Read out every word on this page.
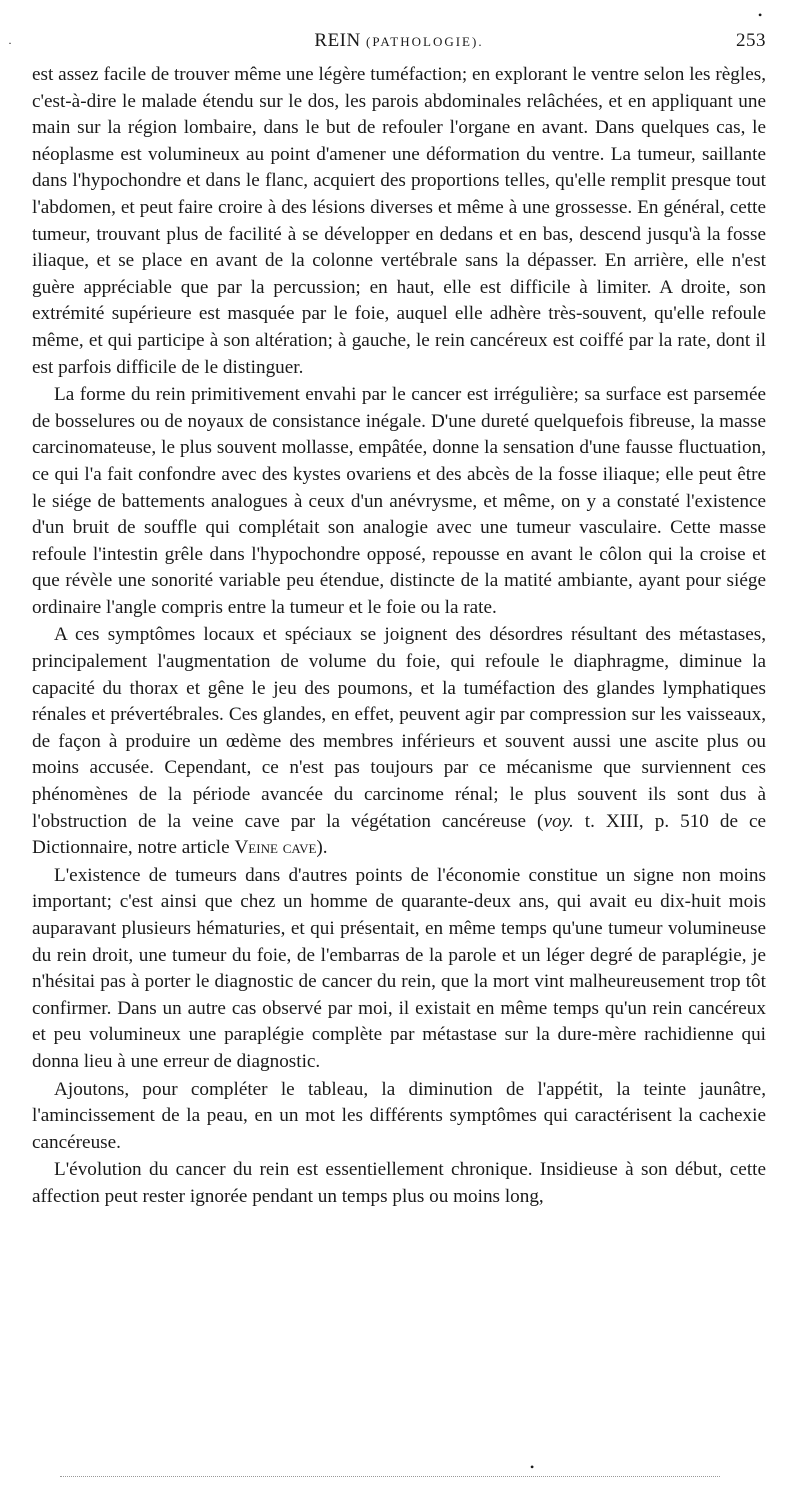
•
·	REIN (PATHOLOGIE).	253

est assez facile de trouver même une légère tuméfaction; en explorant le ventre selon les règles, c'est-à-dire le malade étendu sur le dos, les parois abdominales relâchées, et en appliquant une main sur la région lombaire, dans le but de refouler l'organe en avant. Dans quelques cas, le néoplasme est volumineux au point d'amener une déformation du ventre. La tumeur, saillante dans l'hypochondre et dans le flanc, acquiert des proportions telles, qu'elle remplit presque tout l'abdomen, et peut faire croire à des lésions diverses et même à une grossesse. En général, cette tumeur, trouvant plus de facilité à se développer en dedans et en bas, descend jusqu'à la fosse iliaque, et se place en avant de la colonne vertébrale sans la dépasser. En arrière, elle n'est guère appréciable que par la percussion; en haut, elle est difficile à limiter. A droite, son extrémité supérieure est masquée par le foie, auquel elle adhère très-souvent, qu'elle refoule même, et qui participe à son altération; à gauche, le rein cancéreux est coiffé par la rate, dont il est parfois difficile de le distinguer.

La forme du rein primitivement envahi par le cancer est irrégulière; sa surface est parsemée de bosselures ou de noyaux de consistance inégale. D'une dureté quelquefois fibreuse, la masse carcinomateuse, le plus souvent mollasse, empâtée, donne la sensation d'une fausse fluctuation, ce qui l'a fait confondre avec des kystes ovariens et des abcès de la fosse iliaque; elle peut être le siége de battements analogues à ceux d'un anévrysme, et même, on y a constaté l'existence d'un bruit de souffle qui complétait son analogie avec une tumeur vasculaire. Cette masse refoule l'intestin grêle dans l'hypochondre opposé, repousse en avant le côlon qui la croise et que révèle une sonorité variable peu étendue, distincte de la matité ambiante, ayant pour siége ordinaire l'angle compris entre la tumeur et le foie ou la rate.

A ces symptômes locaux et spéciaux se joignent des désordres résultant des métastases, principalement l'augmentation de volume du foie, qui refoule le diaphragme, diminue la capacité du thorax et gêne le jeu des poumons, et la tuméfaction des glandes lymphatiques rénales et prévertébrales. Ces glandes, en effet, peuvent agir par compression sur les vaisseaux, de façon à produire un œdème des membres inférieurs et souvent aussi une ascite plus ou moins accusée. Cependant, ce n'est pas toujours par ce mécanisme que surviennent ces phénomènes de la période avancée du carcinome rénal; le plus souvent ils sont dus à l'obstruction de la veine cave par la végétation cancéreuse (voy. t. XIII, p. 510 de ce Dictionnaire, notre article Veine cave).

L'existence de tumeurs dans d'autres points de l'économie constitue un signe non moins important; c'est ainsi que chez un homme de quarante-deux ans, qui avait eu dix-huit mois auparavant plusieurs hématuries, et qui présentait, en même temps qu'une tumeur volumineuse du rein droit, une tumeur du foie, de l'embarras de la parole et un léger degré de paraplégie, je n'hésitai pas à porter le diagnostic de cancer du rein, que la mort vint malheureusement trop tôt confirmer. Dans un autre cas observé par moi, il existait en même temps qu'un rein cancéreux et peu volumineux une paraplégie complète par métastase sur la dure-mère rachidienne qui donna lieu à une erreur de diagnostic.

Ajoutons, pour compléter le tableau, la diminution de l'appétit, la teinte jaunâtre, l'amincissement de la peau, en un mot les différents symptômes qui caractérisent la cachexie cancéreuse.

L'évolution du cancer du rein est essentiellement chronique. Insidieuse à son début, cette affection peut rester ignorée pendant un temps plus ou moins long,

•
